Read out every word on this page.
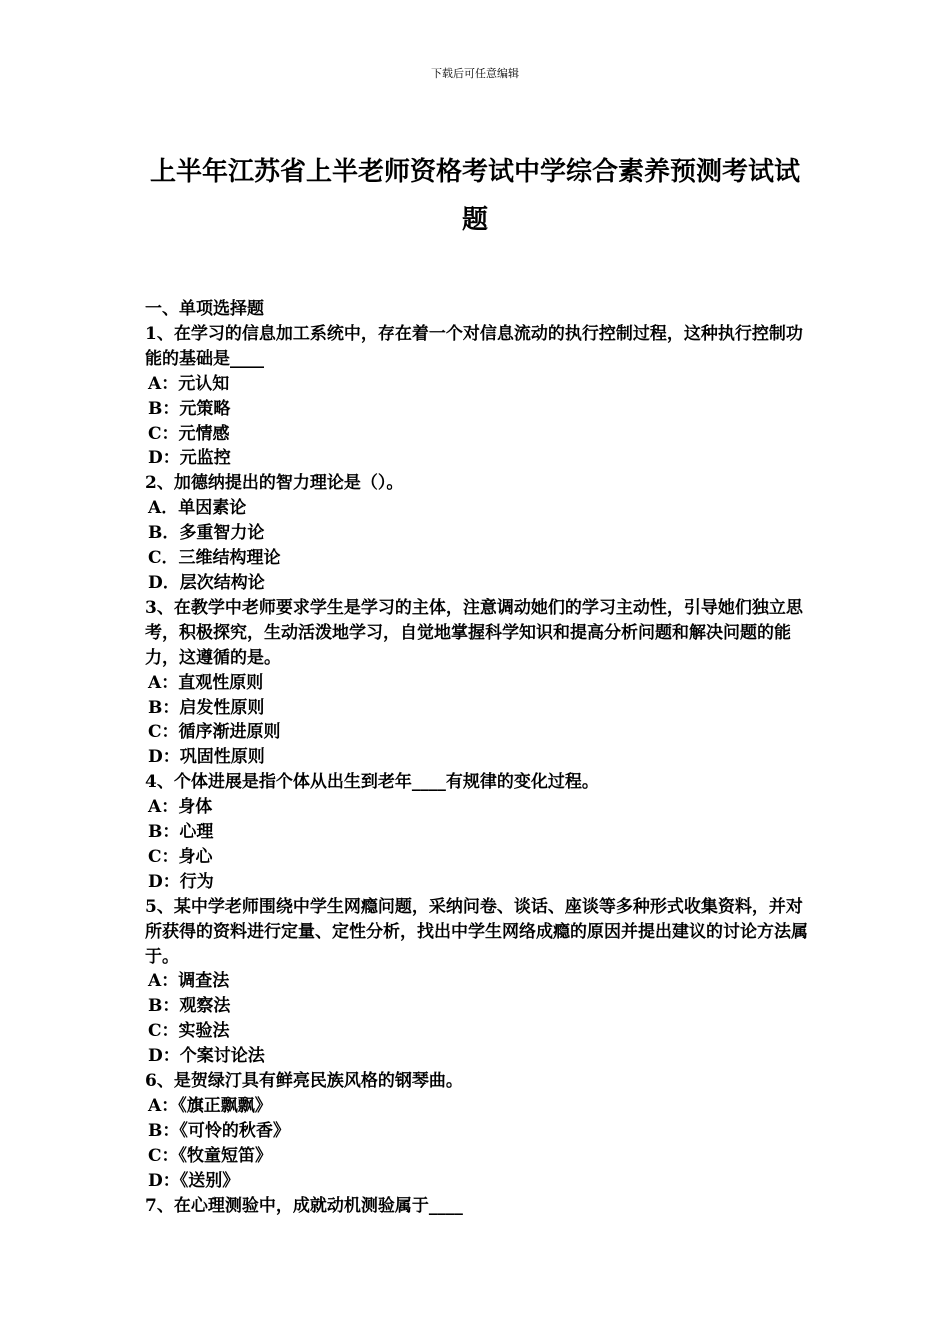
下载后可任意编辑
上半年江苏省上半老师资格考试中学综合素养预测考试试题
一、单项选择题
1、在学习的信息加工系统中，存在着一个对信息流动的执行控制过程，这种执行控制功能的基础是____
A：元认知
B：元策略
C：元情感
D：元监控
2、加德纳提出的智力理论是（）。
A．单因素论
B．多重智力论
C．三维结构理论
D．层次结构论
3、在教学中老师要求学生是学习的主体，注意调动她们的学习主动性，引导她们独立思考，积极探究，生动活泼地学习，自觉地掌握科学知识和提高分析问题和解决问题的能力，这遵循的是。
A：直观性原则
B：启发性原则
C：循序渐进原则
D：巩固性原则
4、个体进展是指个体从出生到老年____有规律的变化过程。
A：身体
B：心理
C：身心
D：行为
5、某中学老师围绕中学生网瘾问题，采纳问卷、谈话、座谈等多种形式收集资料，并对所获得的资料进行定量、定性分析，找出中学生网络成瘾的原因并提出建议的讨论方法属于。
A：调查法
B：观察法
C：实验法
D：个案讨论法
6、是贺绿汀具有鲜亮民族风格的钢琴曲。
A：《旗正飘飘》
B：《可怜的秋香》
C：《牧童短笛》
D：《送别》
7、在心理测验中，成就动机测验属于____
